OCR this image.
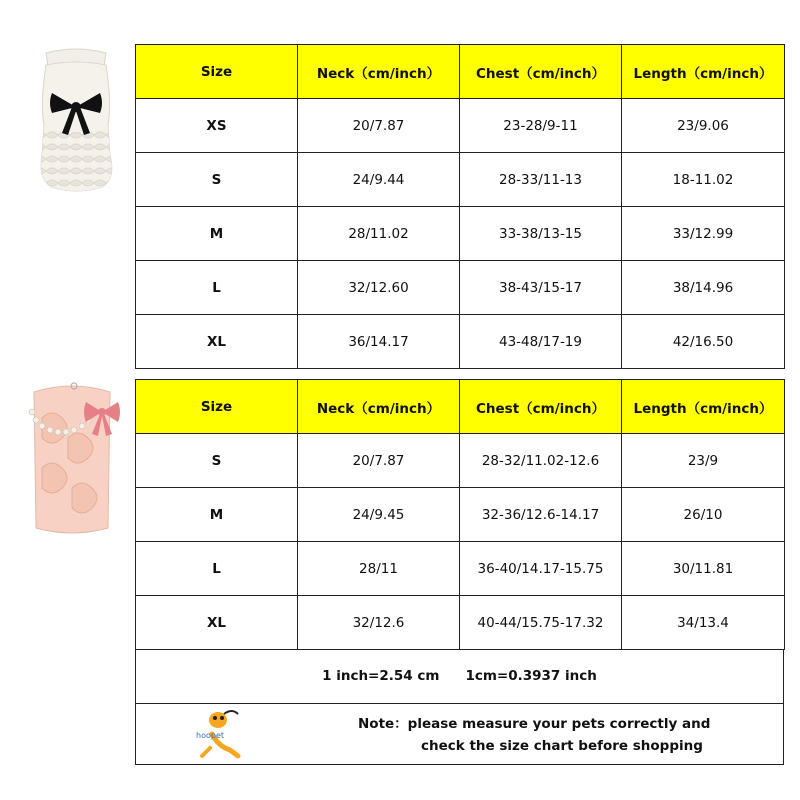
Size	Neck（cm/inch）	Chest（cm/inch）	Length（cm/inch）
XS	20/7.87	23-28/9-11	23/9.06
S	24/9.44	28-33/11-13	18-11.02
M	28/11.02	33-38/13-15	33/12.99
L	32/12.60	38-43/15-17	38/14.96
XL	36/14.17	43-48/17-19	42/16.50
Size	Neck（cm/inch）	Chest（cm/inch）	Length（cm/inch）
S	20/7.87	28-32/11.02-12.6	23/9
M	24/9.45	32-36/12.6-14.17	26/10
L	28/11	36-40/14.17-15.75	30/11.81
XL	32/12.6	40-44/15.75-17.32	34/13.4
1 inch=2.54 cm 1cm=0.3937 inch
hoopet
Note：please measure your pets correctly and
check the size chart before shopping
